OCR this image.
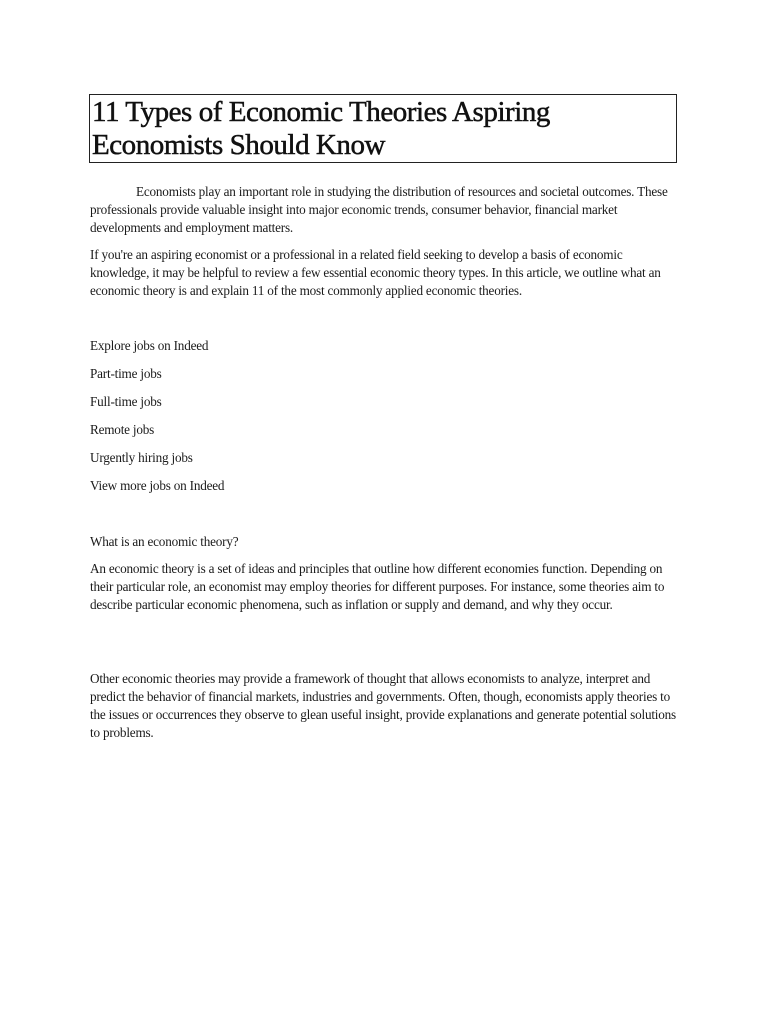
11 Types of Economic Theories Aspiring Economists Should Know

Economists play an important role in studying the distribution of resources and societal outcomes. These professionals provide valuable insight into major economic trends, consumer behavior, financial market developments and employment matters.

If you're an aspiring economist or a professional in a related field seeking to develop a basis of economic knowledge, it may be helpful to review a few essential economic theory types. In this article, we outline what an economic theory is and explain 11 of the most commonly applied economic theories.

Explore jobs on Indeed
Part-time jobs
Full-time jobs
Remote jobs
Urgently hiring jobs
View more jobs on Indeed

What is an economic theory?

An economic theory is a set of ideas and principles that outline how different economies function. Depending on their particular role, an economist may employ theories for different purposes. For instance, some theories aim to describe particular economic phenomena, such as inflation or supply and demand, and why they occur.

Other economic theories may provide a framework of thought that allows economists to analyze, interpret and predict the behavior of financial markets, industries and governments. Often, though, economists apply theories to the issues or occurrences they observe to glean useful insight, provide explanations and generate potential solutions to problems.
